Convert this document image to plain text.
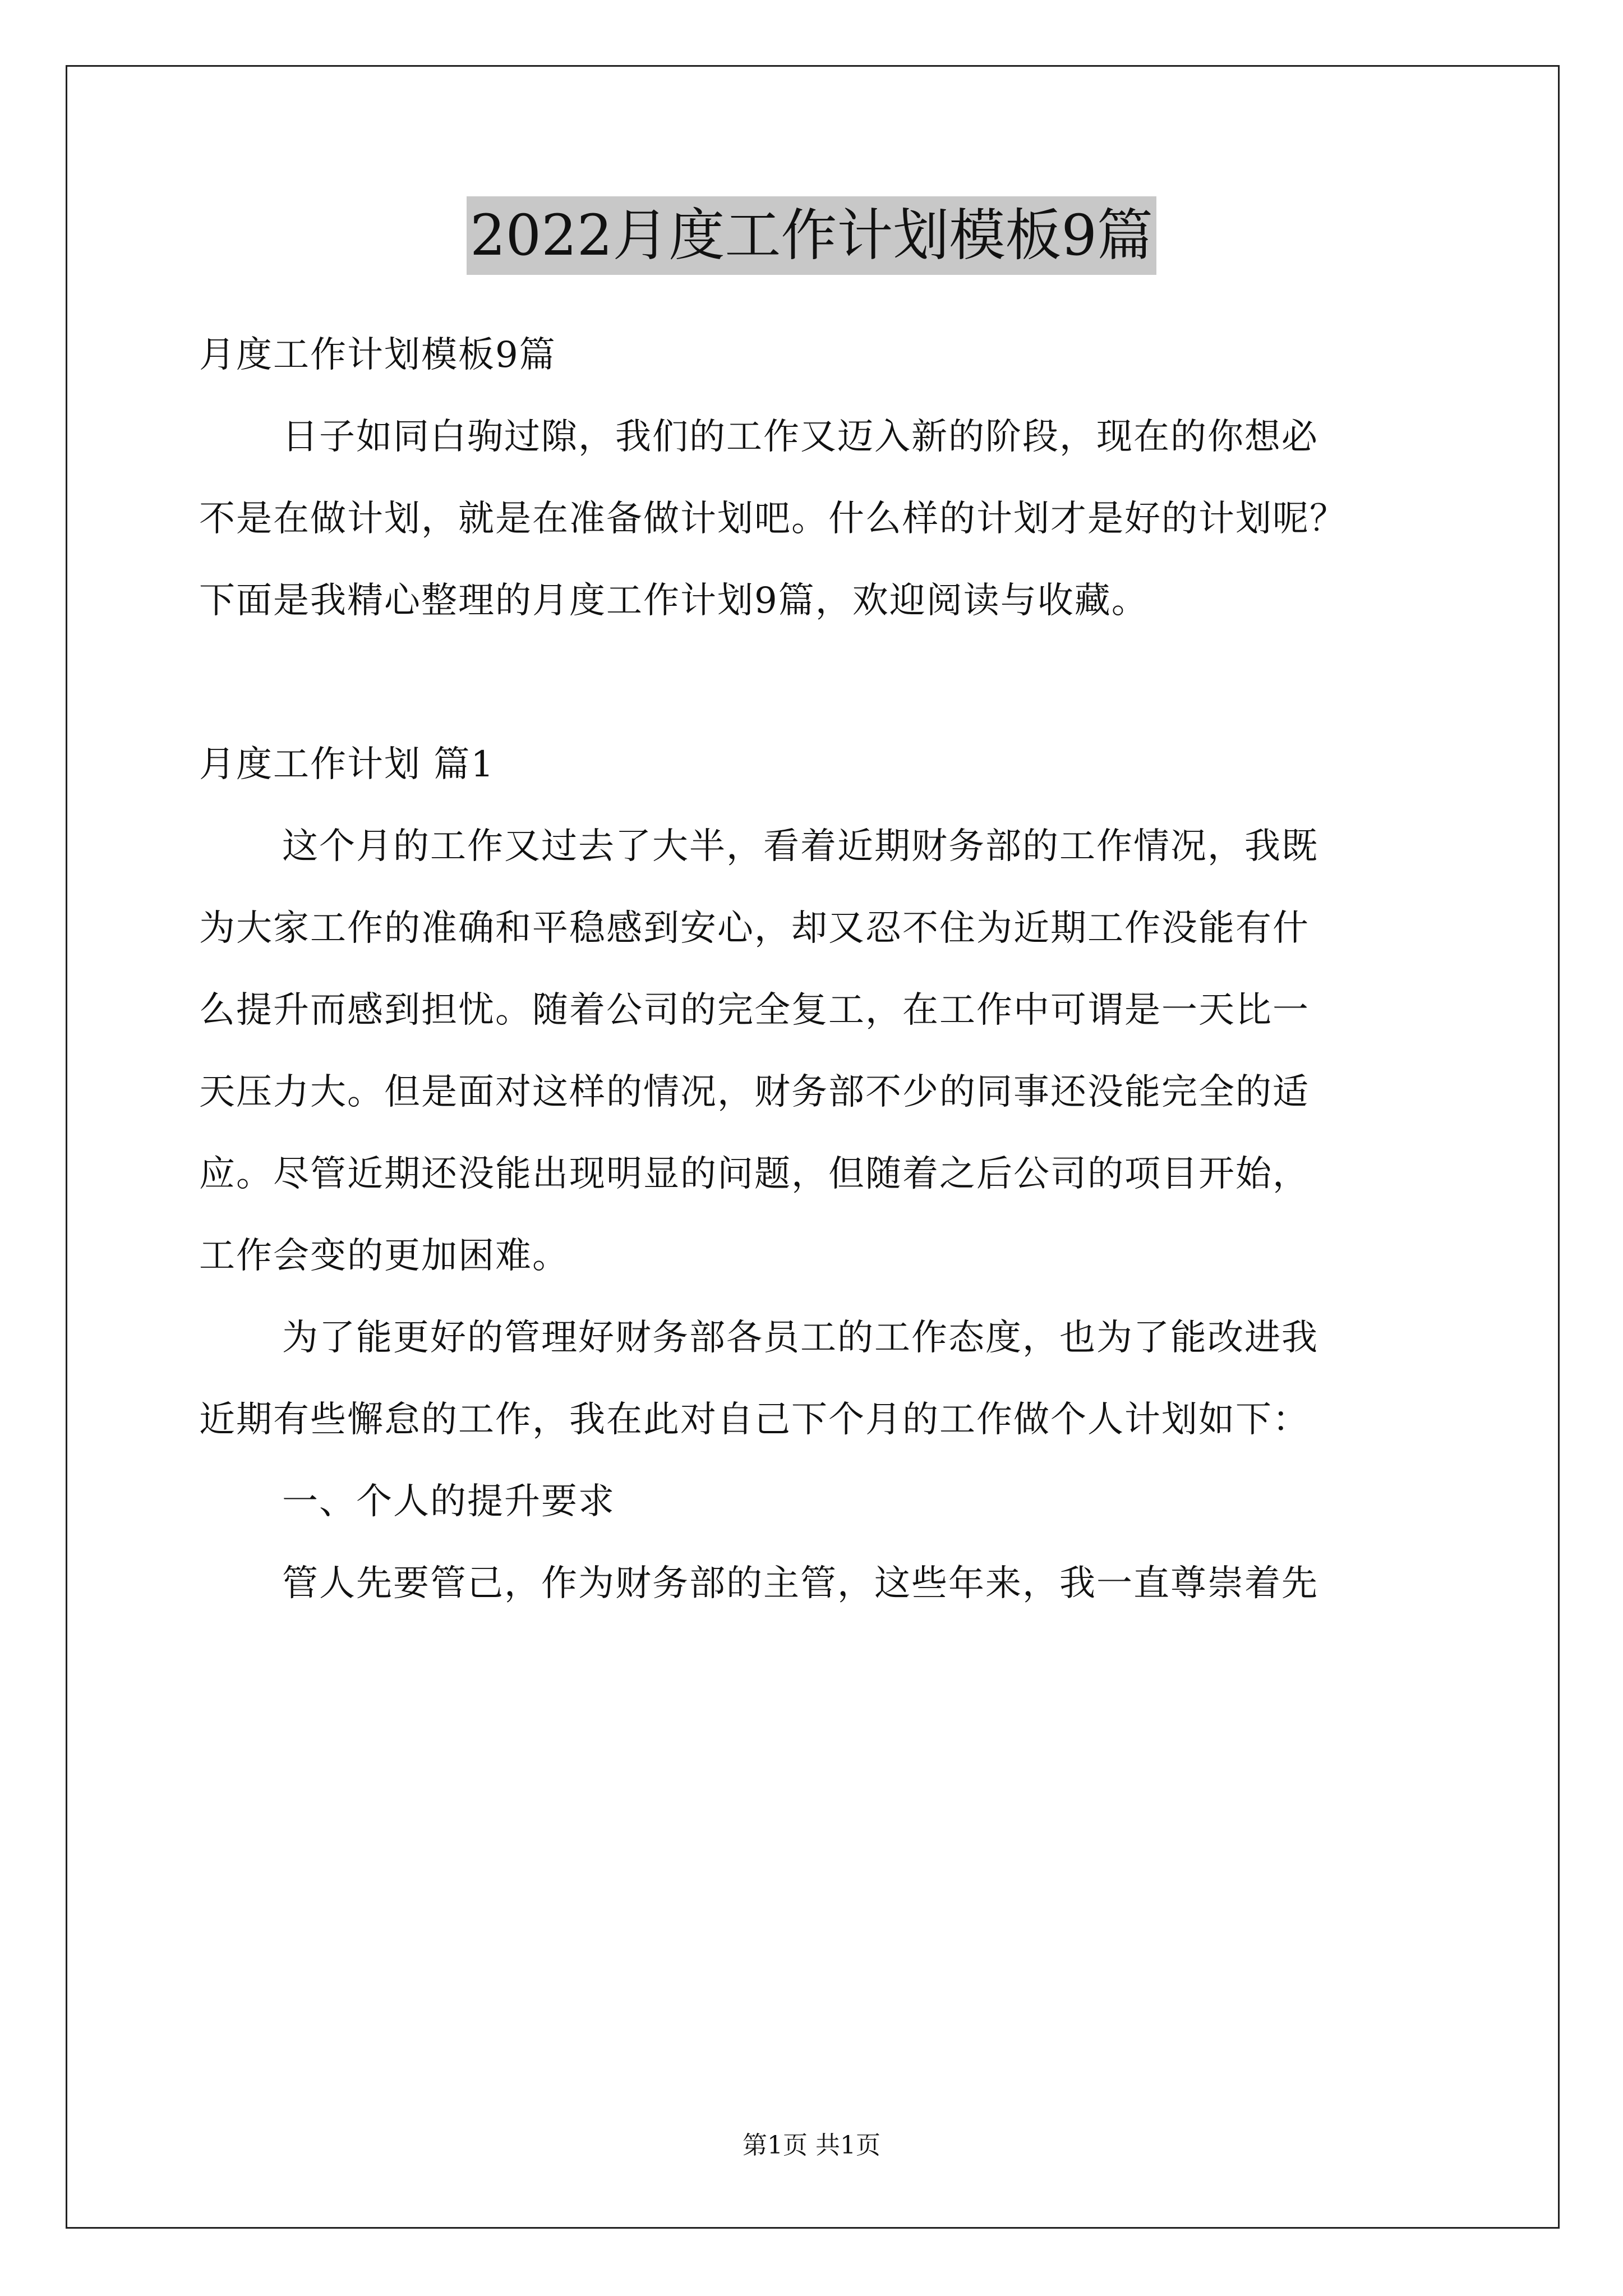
2022月度工作计划模板9篇
月度工作计划模板9篇
日子如同白驹过隙，我们的工作又迈入新的阶段，现在的你想必
不是在做计划，就是在准备做计划吧。什么样的计划才是好的计划呢？
下面是我精心整理的月度工作计划9篇，欢迎阅读与收藏。
月度工作计划 篇1
这个月的工作又过去了大半，看着近期财务部的工作情况，我既
为大家工作的准确和平稳感到安心，却又忍不住为近期工作没能有什
么提升而感到担忧。随着公司的完全复工，在工作中可谓是一天比一
天压力大。但是面对这样的情况，财务部不少的同事还没能完全的适
应。尽管近期还没能出现明显的问题，但随着之后公司的项目开始，
工作会变的更加困难。
为了能更好的管理好财务部各员工的工作态度，也为了能改进我
近期有些懈怠的工作，我在此对自己下个月的工作做个人计划如下：
一、个人的提升要求
管人先要管己，作为财务部的主管，这些年来，我一直尊崇着先
第1页 共1页
